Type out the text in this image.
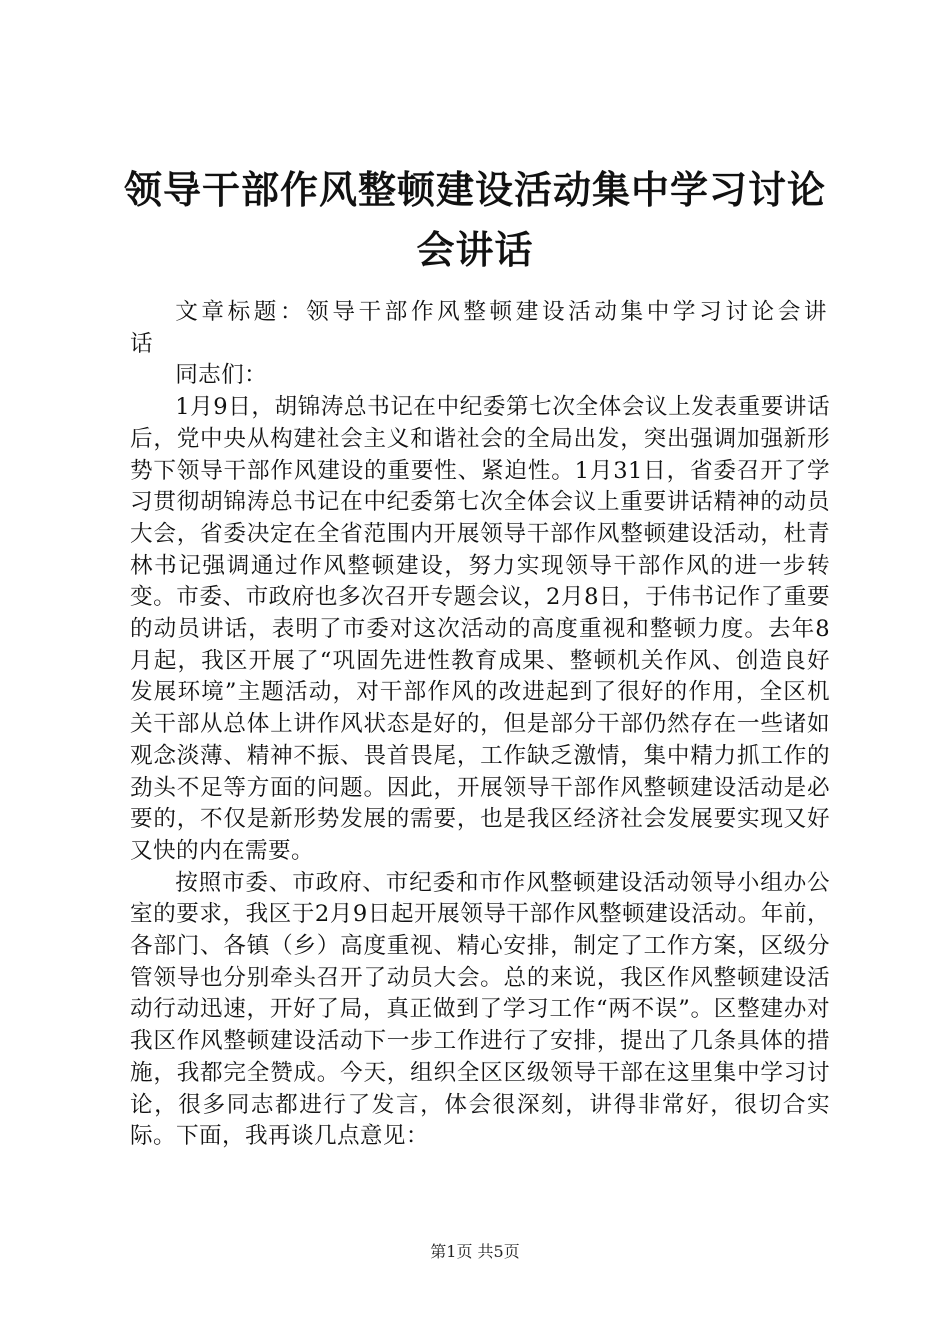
领导干部作风整顿建设活动集中学习讨论会讲话

文章标题：领导干部作风整顿建设活动集中学习讨论会讲话

同志们：

1月9日，胡锦涛总书记在中纪委第七次全体会议上发表重要讲话后，党中央从构建社会主义和谐社会的全局出发，突出强调加强新形势下领导干部作风建设的重要性、紧迫性。1月31日，省委召开了学习贯彻胡锦涛总书记在中纪委第七次全体会议上重要讲话精神的动员大会，省委决定在全省范围内开展领导干部作风整顿建设活动，杜青林书记强调通过作风整顿建设，努力实现领导干部作风的进一步转变。市委、市政府也多次召开专题会议，2月8日，于伟书记作了重要的动员讲话，表明了市委对这次活动的高度重视和整顿力度。去年8月起，我区开展了“巩固先进性教育成果、整顿机关作风、创造良好发展环境”主题活动，对干部作风的改进起到了很好的作用，全区机关干部从总体上讲作风状态是好的，但是部分干部仍然存在一些诸如观念淡薄、精神不振、畏首畏尾，工作缺乏激情，集中精力抓工作的劲头不足等方面的问题。因此，开展领导干部作风整顿建设活动是必要的，不仅是新形势发展的需要，也是我区经济社会发展要实现又好又快的内在需要。

按照市委、市政府、市纪委和市作风整顿建设活动领导小组办公室的要求，我区于2月9日起开展领导干部作风整顿建设活动。年前，各部门、各镇（乡）高度重视、精心安排，制定了工作方案，区级分管领导也分别牵头召开了动员大会。总的来说，我区作风整顿建设活动行动迅速，开好了局，真正做到了学习工作“两不误”。区整建办对我区作风整顿建设活动下一步工作进行了安排，提出了几条具体的措施，我都完全赞成。今天，组织全区区级领导干部在这里集中学习讨论，很多同志都进行了发言，体会很深刻，讲得非常好，很切合实际。下面，我再谈几点意见：

第1页 共5页
